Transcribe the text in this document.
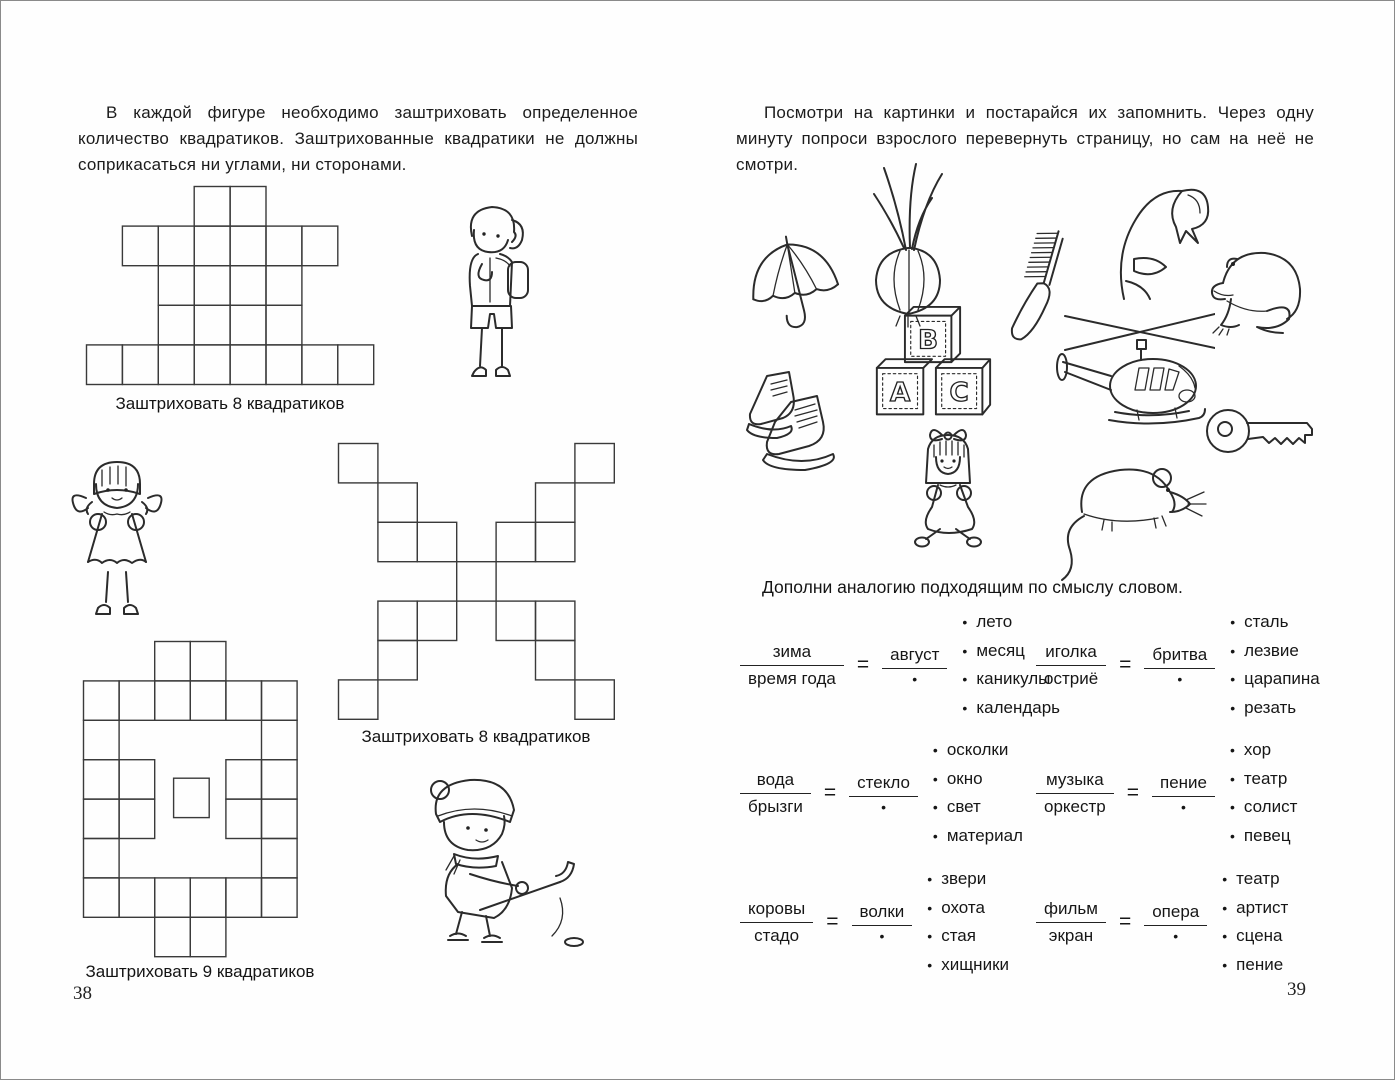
В каждой фигуре необходимо заштриховать определенное количество квадратиков. Заштрихованные квадратики не должны соприкасаться ни углами, ни сторонами.

Заштриховать 8 квадратиков
Заштриховать 8 квадратиков
Заштриховать 9 квадратиков
38

Посмотри на картинки и постарайся их запомнить. Через одну минуту попроси взрослого перевернуть страницу, но сам на неё не смотри.

B
A C
Дополни аналогию подходящим по смыслу словом.
$\frac{\text{зима}}{\text{время года}} = \frac{\text{август}}{•}$
• лето
• месяц
• каникулы
• календарь
$\frac{\text{иголка}}{\text{остриё}} = \frac{\text{бритва}}{•}$
• сталь
• лезвие
• царапина
• резать
$\frac{\text{вода}}{\text{брызги}} = \frac{\text{стекло}}{•}$
• осколки
• окно
• свет
• материал
$\frac{\text{музыка}}{\text{оркестр}} = \frac{\text{пение}}{•}$
• хор
• театр
• солист
• певец
$\frac{\text{коровы}}{\text{стадо}} = \frac{\text{волки}}{•}$
• звери
• охота
• стая
• хищники
$\frac{\text{фильм}}{\text{экран}} = \frac{\text{опера}}{•}$
• театр
• артист
• сцена
• пение
39
